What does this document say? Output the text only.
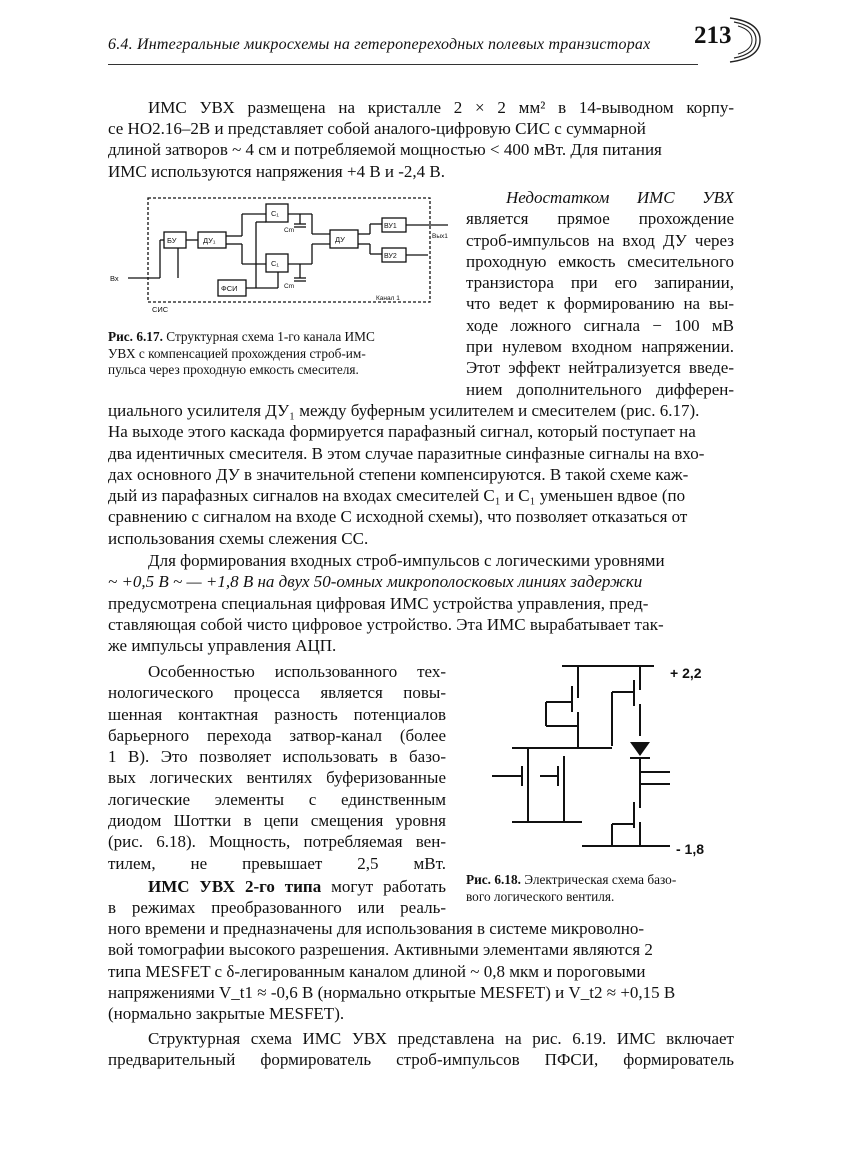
6.4. Интегральные микросхемы на гетеропереходных полевых транзисторах 213
ИМС УВХ размещена на кристалле 2 × 2 мм² в 14-выводном корпу-
се НО2.16–2В и представляет собой аналого-цифровую СИС с суммарной
длиной затворов ~ 4 см и потребляемой мощностью < 400 мВт. Для питания
ИМС используются напряжения +4 В и -2,4 В.
Вх
БУ	ДУ₁
C₁
C₁
Cm
Cm
ДУ
ВУ1
ВУ2
Вых1
ФСИ
СИС
Канал 1
Рис. 6.17. Структурная схема 1-го канала ИМС
УВХ с компенсацией прохождения строб-им-
пульса через проходную емкость смесителя.
Недостатком ИМС УВХ
является прямое прохождение
строб-импульсов на вход ДУ через
проходную емкость смесительного
транзистора при его запирании,
что ведет к формированию на вы-
ходе ложного сигнала − 100 мВ
при нулевом входном напряжении.
Этот эффект нейтрализуется введе-
нием дополнительного дифферен-
циального усилителя ДУ₁ между буферным усилителем и смесителем (рис. 6.17).
На выходе этого каскада формируется парафазный сигнал, который поступает на
два идентичных смесителя. В этом случае паразитные синфазные сигналы на вхо-
дах основного ДУ в значительной степени компенсируются. В такой схеме каж-
дый из парафазных сигналов на входах смесителей C₁ и C₁ уменьшен вдвое (по
сравнению с сигналом на входе С исходной схемы), что позволяет отказаться от
использования схемы слежения СС.
Для формирования входных строб-импульсов с логическими уровнями
~ +0,5 В ~ — +1,8 В на двух 50-омных микрополосковых линиях задержки
предусмотрена специальная цифровая ИМС устройства управления, пред-
ставляющая собой чисто цифровое устройство. Эта ИМС вырабатывает так-
же импульсы управления АЦП.
Особенностью использованного тех-
нологического процесса является повы-
шенная контактная разность потенциалов
барьерного перехода затвор-канал (более
1 В). Это позволяет использовать в базо-
вых логических вентилях буферизованные
логические элементы с единственным
диодом Шоттки в цепи смещения уровня
(рис. 6.18). Мощность, потребляемая вен-
тилем, не превышает 2,5 мВт.
ИМС УВХ 2-го типа могут работать
в режимах преобразованного или реаль-
ного времени и предназначены для использования в системе микроволно-
вой томографии высокого разрешения. Активными элементами являются 2
типа MESFET с δ-легированным каналом длиной ~ 0,8 мкм и пороговыми
напряжениями V_t1 ≈ -0,6 В (нормально открытые MESFET) и V_t2 ≈ +0,15 В
(нормально закрытые MESFET).
Структурная схема ИМС УВХ представлена на рис. 6.19. ИМС включает
предварительный формирователь строб-импульсов ПФСИ, формирователь
+ 2,2
- 1,8
Рис. 6.18. Электрическая схема базо-
вого логического вентиля.
